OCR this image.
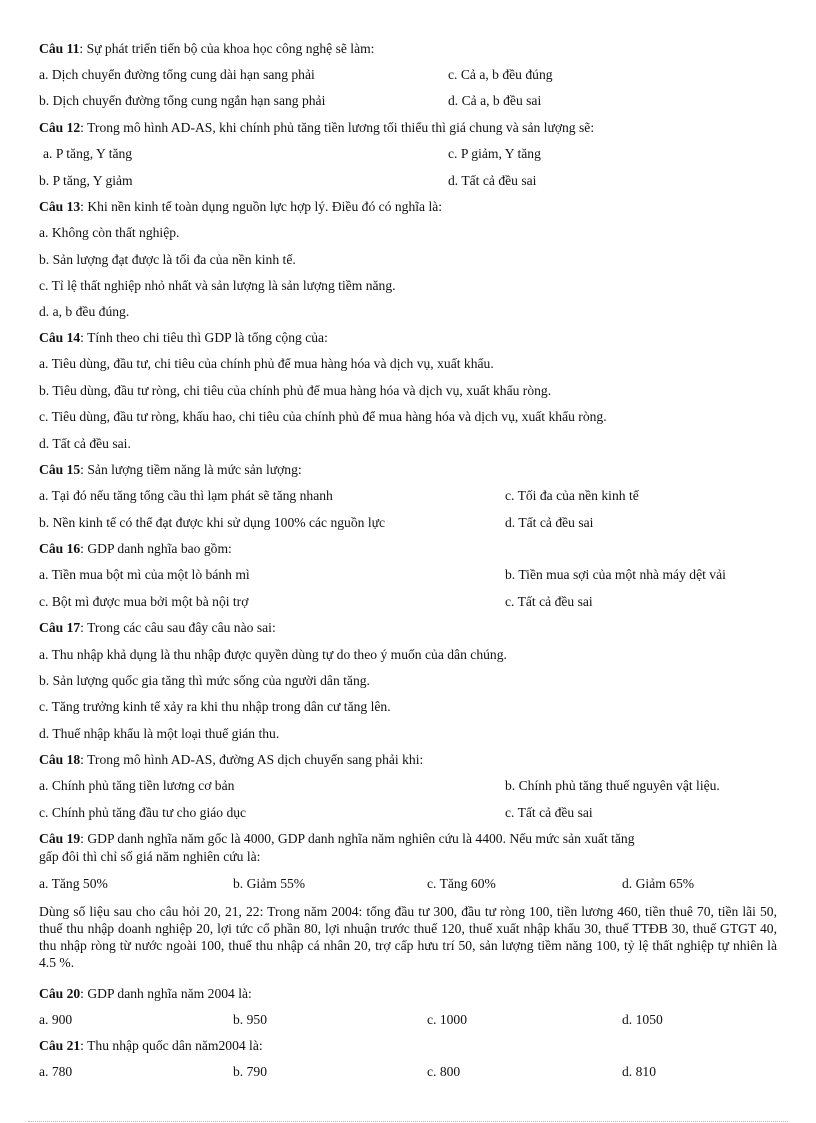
Câu 11: Sự phát triển tiến bộ của khoa học công nghệ sẽ làm:
a. Dịch chuyển đường tổng cung dài hạn sang phải	c. Cả a, b đều đúng
b. Dịch chuyển đường tổng cung ngắn hạn sang phải	d. Cả a, b đều sai
Câu 12: Trong mô hình AD-AS, khi chính phủ tăng tiền lương tối thiểu thì giá chung và sản lượng sẽ:
a. P tăng, Y tăng	c. P giảm, Y tăng
b. P tăng, Y giảm	d. Tất cả đều sai
Câu 13: Khi nền kinh tế toàn dụng nguồn lực hợp lý. Điều đó có nghĩa là:
a. Không còn thất nghiệp.
b. Sản lượng đạt được là tối đa của nền kinh tế.
c. Tỉ lệ thất nghiệp nhỏ nhất và sản lượng là sản lượng tiềm năng.
d. a, b đều đúng.
Câu 14: Tính theo chi tiêu thì GDP là tổng cộng của:
a. Tiêu dùng, đầu tư, chi tiêu của chính phủ để mua hàng hóa và dịch vụ, xuất khẩu.
b. Tiêu dùng, đầu tư ròng, chi tiêu của chính phủ để mua hàng hóa và dịch vụ, xuất khẩu ròng.
c. Tiêu dùng, đầu tư ròng, khấu hao, chi tiêu của chính phủ để mua hàng hóa và dịch vụ, xuất khẩu ròng.
d. Tất cả đều sai.
Câu 15: Sản lượng tiềm năng là mức sản lượng:
a. Tại đó nếu tăng tổng cầu thì lạm phát sẽ tăng nhanh	c. Tối đa của nền kinh tế
b. Nền kinh tế có thể đạt được khi sử dụng 100% các nguồn lực	d. Tất cả đều sai
Câu 16: GDP danh nghĩa bao gồm:
a. Tiền mua bột mì của một lò bánh mì	b. Tiền mua sợi của một nhà máy dệt vải
c. Bột mì được mua bởi một bà nội trợ	c. Tất cả đều sai
Câu 17: Trong các câu sau đây câu nào sai:
a. Thu nhập khả dụng là thu nhập được quyền dùng tự do theo ý muốn của dân chúng.
b. Sản lượng quốc gia tăng thì mức sống của người dân tăng.
c. Tăng trưởng kinh tế xảy ra khi thu nhập trong dân cư tăng lên.
d. Thuế nhập khẩu là một loại thuế gián thu.
Câu 18: Trong mô hình AD-AS, đường AS dịch chuyển sang phải khi:
a. Chính phủ tăng tiền lương cơ bản	b. Chính phủ tăng thuế nguyên vật liệu.
c. Chính phủ tăng đầu tư cho giáo dục	c. Tất cả đều sai
Câu 19: GDP danh nghĩa năm gốc là 4000, GDP danh nghĩa năm nghiên cứu là 4400. Nếu mức sản xuất tăng
gấp đôi thì chỉ số giá năm nghiên cứu là:
a. Tăng 50%	b. Giảm 55%	c. Tăng 60%	d. Giảm 65%
Dùng số liệu sau cho câu hỏi 20, 21, 22: Trong năm 2004: tổng đầu tư 300, đầu tư ròng 100, tiền lương 460, tiền thuê 70, tiền lãi 50, thuế thu nhập doanh nghiệp 20, lợi tức cổ phần 80, lợi nhuận trước thuế 120, thuế xuất nhập khẩu 30, thuế TTĐB 30, thuế GTGT 40, thu nhập ròng từ nước ngoài 100, thuế thu nhập cá nhân 20, trợ cấp hưu trí 50, sản lượng tiềm năng 100, tỷ lệ thất nghiệp tự nhiên là 4.5 %.
Câu 20: GDP danh nghĩa năm 2004 là:
a. 900	b. 950	c. 1000	d. 1050
Câu 21: Thu nhập quốc dân năm2004 là:
a. 780	b. 790	c. 800	d. 810
